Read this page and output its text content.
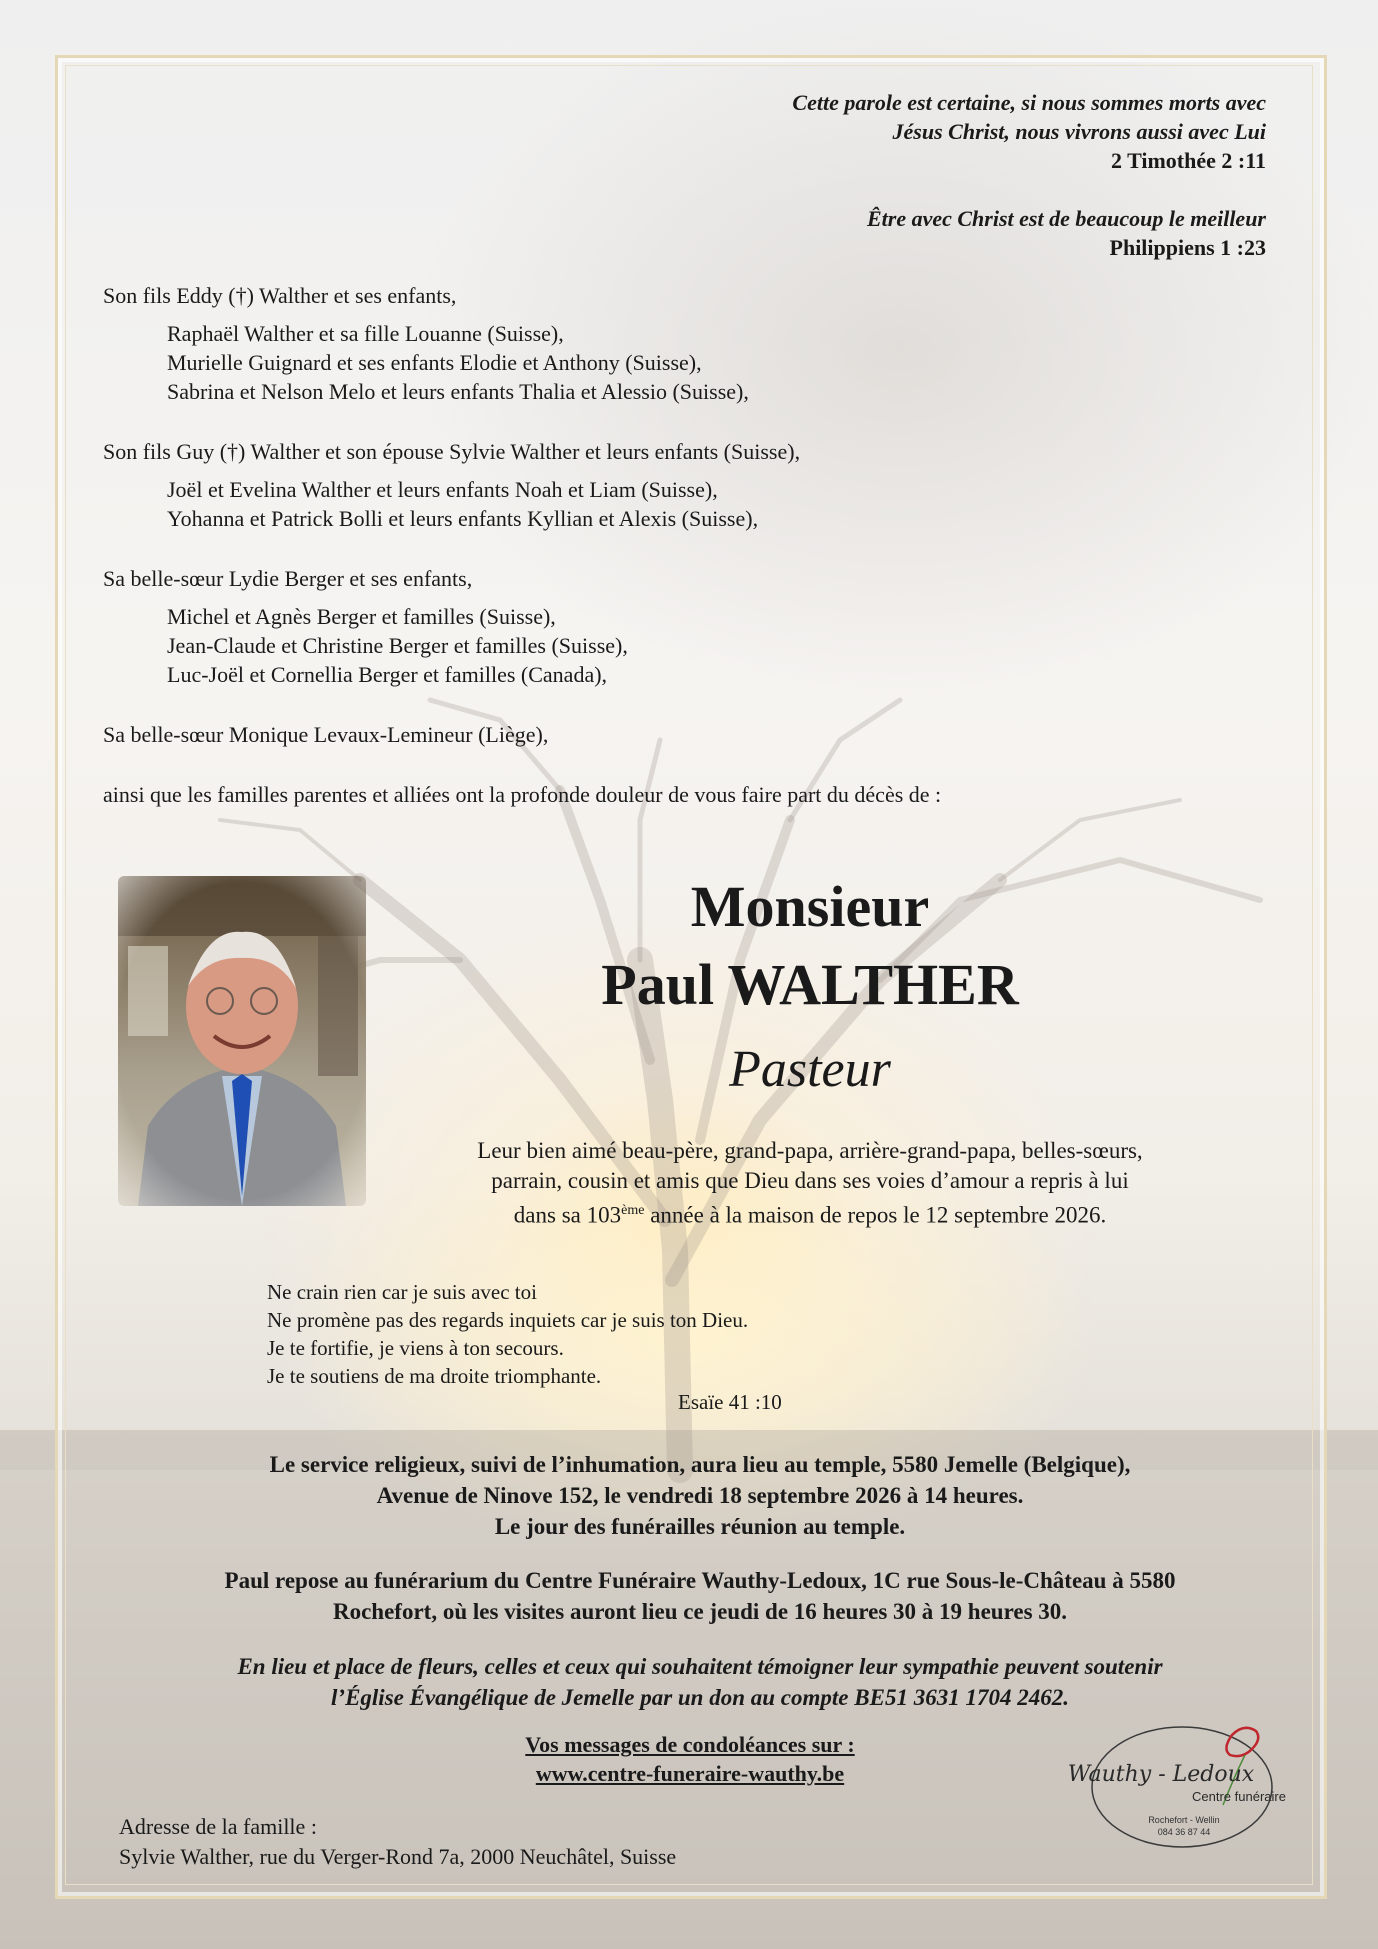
Cette parole est certaine, si nous sommes morts avec
Jésus Christ, nous vivrons aussi avec Lui
2 Timothée 2 :11
Être avec Christ est de beaucoup le meilleur
Philippiens 1 :23

Son fils Eddy (†) Walther et ses enfants,

Raphaël Walther et sa fille Louanne (Suisse),

Murielle Guignard et ses enfants Elodie et Anthony (Suisse),

Sabrina et Nelson Melo et leurs enfants Thalia et Alessio (Suisse),

Son fils Guy (†) Walther et son épouse Sylvie Walther et leurs enfants (Suisse),

Joël et Evelina Walther et leurs enfants Noah et Liam (Suisse),

Yohanna et Patrick Bolli et leurs enfants Kyllian et Alexis (Suisse),

Sa belle-sœur Lydie Berger et ses enfants,

Michel et Agnès Berger et familles (Suisse),

Jean-Claude et Christine Berger et familles (Suisse),

Luc-Joël et Cornellia Berger et familles (Canada),

Sa belle-sœur Monique Levaux-Lemineur (Liège),

ainsi que les familles parentes et alliées ont la profonde douleur de vous faire part du décès de :

Monsieur
Paul WALTHER
Pasteur
Leur bien aimé beau-père, grand-papa, arrière-grand-papa, belles-sœurs,
parrain, cousin et amis que Dieu dans ses voies d’amour a repris à lui
dans sa 103ème année à la maison de repos le 12 septembre 2026.
Ne crain rien car je suis avec toi
Ne promène pas des regards inquiets car je suis ton Dieu.
Je te fortifie, je viens à ton secours.
Je te soutiens de ma droite triomphante.
Esaïe 41 :10
Le service religieux, suivi de l’inhumation, aura lieu au temple, 5580 Jemelle (Belgique),
Avenue de Ninove 152, le vendredi 18 septembre 2026 à 14 heures.
Le jour des funérailles réunion au temple.
Paul repose au funérarium du Centre Funéraire Wauthy-Ledoux, 1C rue Sous-le-Château à 5580
Rochefort, où les visites auront lieu ce jeudi de 16 heures 30 à 19 heures 30.
En lieu et place de fleurs, celles et ceux qui souhaitent témoigner leur sympathie peuvent soutenir
l’Église Évangélique de Jemelle par un don au compte BE51 3631 1704 2462.
Vos messages de condoléances sur :
www.centre-funeraire-wauthy.be
Adresse de la famille :
Sylvie Walther, rue du Verger-Rond 7a, 2000 Neuchâtel, Suisse
Wauthy - Ledoux
Centre funéraire
Rochefort - Wellin
084 36 87 44
